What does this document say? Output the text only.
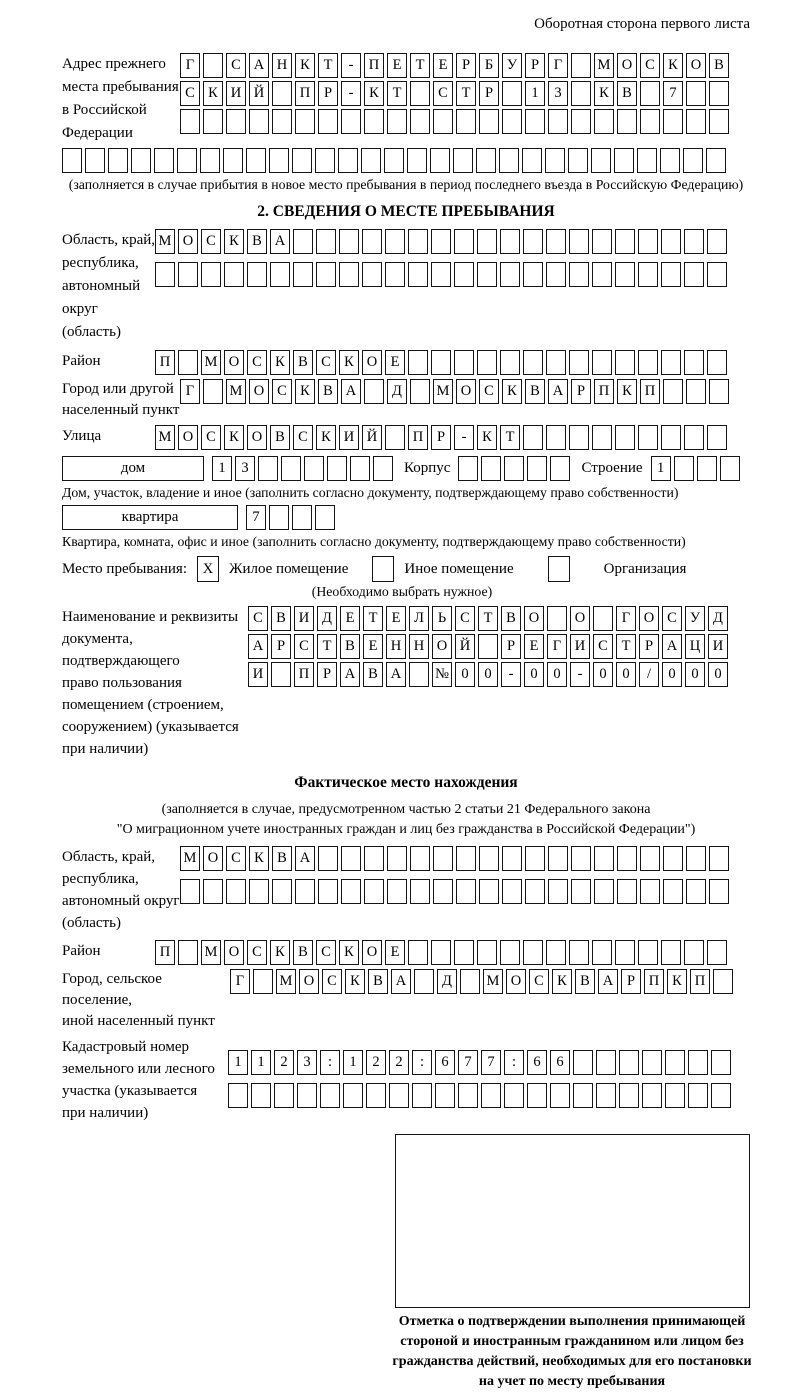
Оборотная сторона первого листа
Адрес прежнего
места пребывания
в Российской
Федерации
Г	С А Н К Т	-	П Е Т Е	Р	Б У Р	Г	М О С К О В
С К И Й	П Р	-	К Т	С Т	Р	1	3	К В	7
(заполняется в случае прибытия в новое место пребывания в период последнего въезда в Российскую Федерацию)
2. СВЕДЕНИЯ О МЕСТЕ ПРЕБЫВАНИЯ
Область, край,
республика,
автономный
округ (область)
М О С К В А
Район	П	М О С К В С К О Е
Город или другой
населенный пункт
Г	М О С К В А	Д	М О С К В А Р П К П
Улица	М О С К О В С К И Й	П Р	-	К Т
дом	1	3	Корпус	Строение 1
Дом, участок, владение и иное (заполнить согласно документу, подтверждающему право собственности)
квартира	7
Квартира, комната, офис и иное (заполнить согласно документу, подтверждающему право собственности)
Место пребывания:	X	Жилое помещение	Иное помещение	Организация
(Необходимо выбрать нужное)
Наименование и реквизиты
документа, подтверждающего
право пользования
помещением (строением,
сооружением) (указывается
при наличии)
С В И Д Е Т Е Л Ь С Т В О	О	Г О С У Д
А Р С Т В Е Н Н О Й	Р	Е Г И С Т	Р А Ц И
И	П Р А В А	№ 0	0	-	0	0	-	0	0	/	0	0	0
Фактическое место нахождения
(заполняется в случае, предусмотренном частью 2 статьи 21 Федерального закона
"О миграционном учете иностранных граждан и лиц без гражданства в Российской Федерации")
Область, край,
республика,
автономный округ
(область)
М О С К В А
Район	П	М О С К В С К О Е
Город, сельское поселение,
иной населенный пункт
Г	М О С К В А	Д	М О С К В А Р П К П
Кадастровый номер
земельного или лесного
участка (указывается
при наличии)
1	1	2	3	:	1	2	2	:	6	7	7	:	6	6
Отметка о подтверждении выполнения принимающей
стороной и иностранным гражданином или лицом без
гражданства действий, необходимых для его постановки
на учет по месту пребывания
